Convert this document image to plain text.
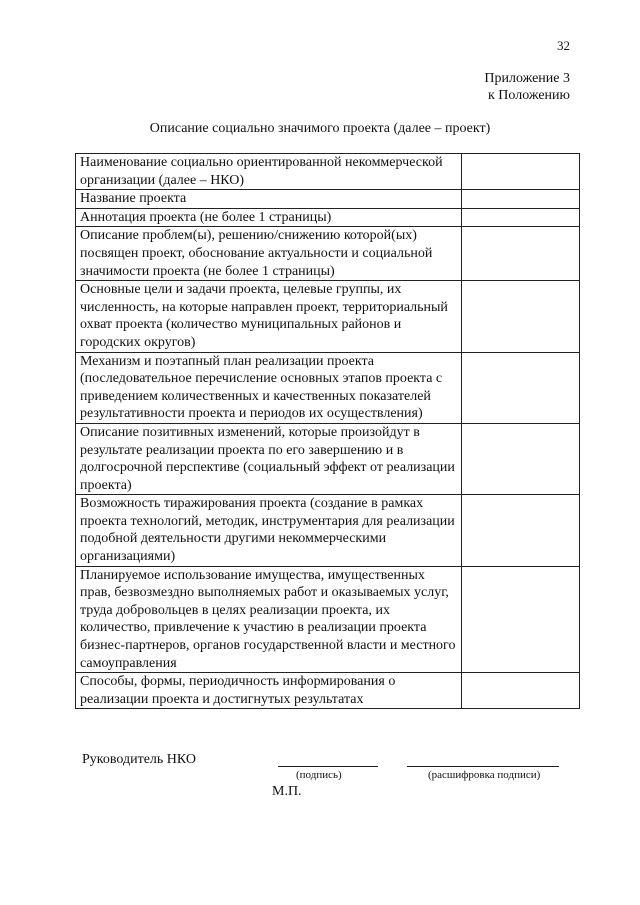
32
Приложение 3
к Положению
Описание социально значимого проекта (далее – проект)
Наименование социально ориентированной некоммерческой организации (далее – НКО)	
Название проекта	
Аннотация проекта (не более 1 страницы)	
Описание проблем(ы), решению/снижению которой(ых) посвящен проект, обоснование актуальности и социальной значимости проекта (не более 1 страницы)	
Основные цели и задачи проекта, целевые группы, их численность, на которые направлен проект, территориальный охват проекта (количество муниципальных районов и городских округов)	
Механизм и поэтапный план реализации проекта (последовательное перечисление основных этапов проекта с приведением количественных и качественных показателей результативности проекта и периодов их осуществления)	
Описание позитивных изменений, которые произойдут в результате реализации проекта по его завершению и в долгосрочной перспективе (социальный эффект от реализации проекта)	
Возможность тиражирования проекта (создание в рамках проекта технологий, методик, инструментария для реализации подобной деятельности другими некоммерческими организациями)	
Планируемое использование имущества, имущественных прав, безвозмездно выполняемых работ и оказываемых услуг, труда добровольцев в целях реализации проекта, их количество, привлечение к участию в реализации проекта бизнес-партнеров, органов государственной власти и местного самоуправления	
Способы, формы, периодичность информирования о реализации проекта и достигнутых результатах	
Руководитель НКО
(подпись)	(расшифровка подписи)
М.П.
